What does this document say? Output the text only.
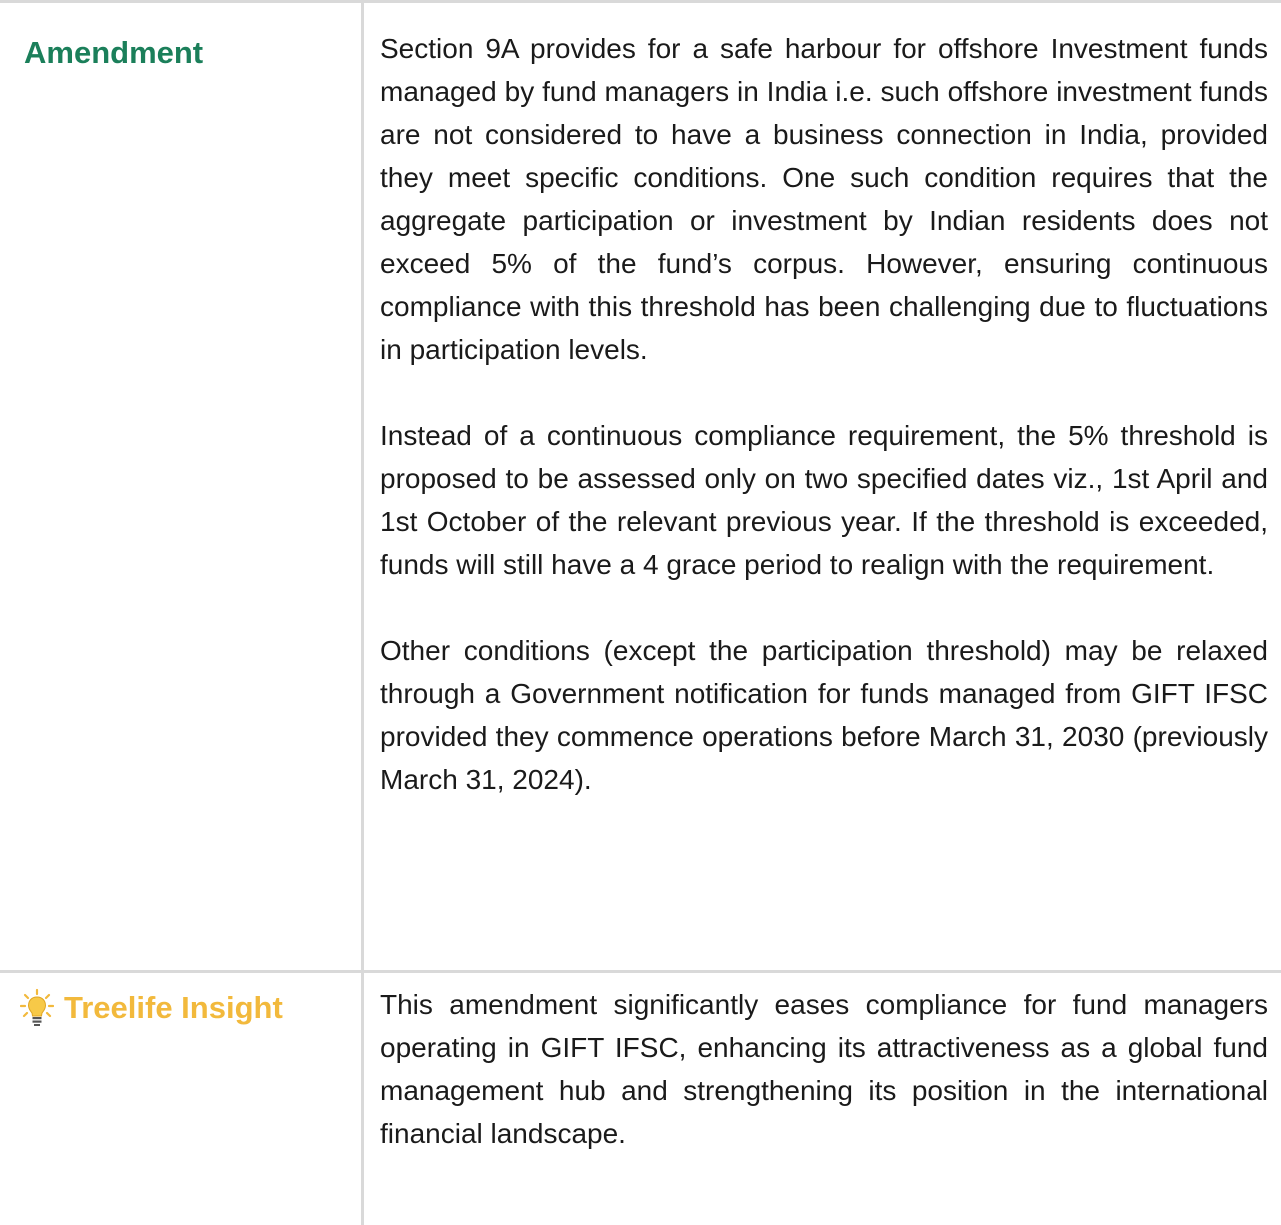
Amendment	Section 9A provides for a safe harbour for offshore Investment funds managed by fund managers in India i.e. such offshore investment funds are not considered to have a business connection in India, provided they meet specific conditions. One such condition requires that the aggregate participation or investment by Indian residents does not exceed 5% of the fund’s corpus. However, ensuring continuous compliance with this threshold has been challenging due to fluctuations in participation levels.

Instead of a continuous compliance requirement, the 5% threshold is proposed to be assessed only on two specified dates viz., 1st April and 1st October of the relevant previous year. If the threshold is exceeded, funds will still have a 4 grace period to realign with the requirement.

Other conditions (except the participation threshold) may be relaxed through a Government notification for funds managed from GIFT IFSC provided they commence operations before March 31, 2030 (previously March 31, 2024).

Treelife Insight	This amendment significantly eases compliance for fund managers operating in GIFT IFSC, enhancing its attractiveness as a global fund management hub and strengthening its position in the international financial landscape.
